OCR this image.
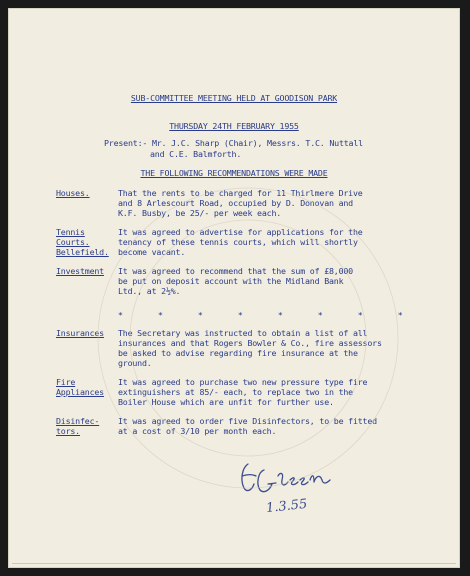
SUB-COMMITTEE MEETING HELD AT GOODISON PARK
THURSDAY 24TH FEBRUARY 1955
Present:- Mr. J.C. Sharp (Chair), Messrs. T.C. Nuttall
and C.E. Balmforth.
THE FOLLOWING RECOMMENDATIONS WERE MADE
Houses.	That the rents to be charged for 11 Thirlmere Drive
and 8 Arlescourt Road, occupied by D. Donovan and
K.F. Busby, be 25/- per week each.
Tennis
Courts.
Bellefield.
It was agreed to advertise for applications for the
tenancy of these tennis courts, which will shortly
become vacant.
Investment It was agreed to recommend that the sum of £8,000
be put on deposit account with the Midland Bank
Ltd., at 2½%.
*       *       *       *       *       *       *       *
Insurances The Secretary was instructed to obtain a list of all
insurances and that Rogers Bowler & Co., fire assessors
be asked to advise regarding fire insurance at the
ground.
Fire
Appliances
It was agreed to purchase two new pressure type fire
extinguishers at 85/- each, to replace two in the
Boiler House which are unfit for further use.
Disinfec-
tors.
It was agreed to order five Disinfectors, to be fitted
at a cost of 3/10 per month each.
1.3.55
